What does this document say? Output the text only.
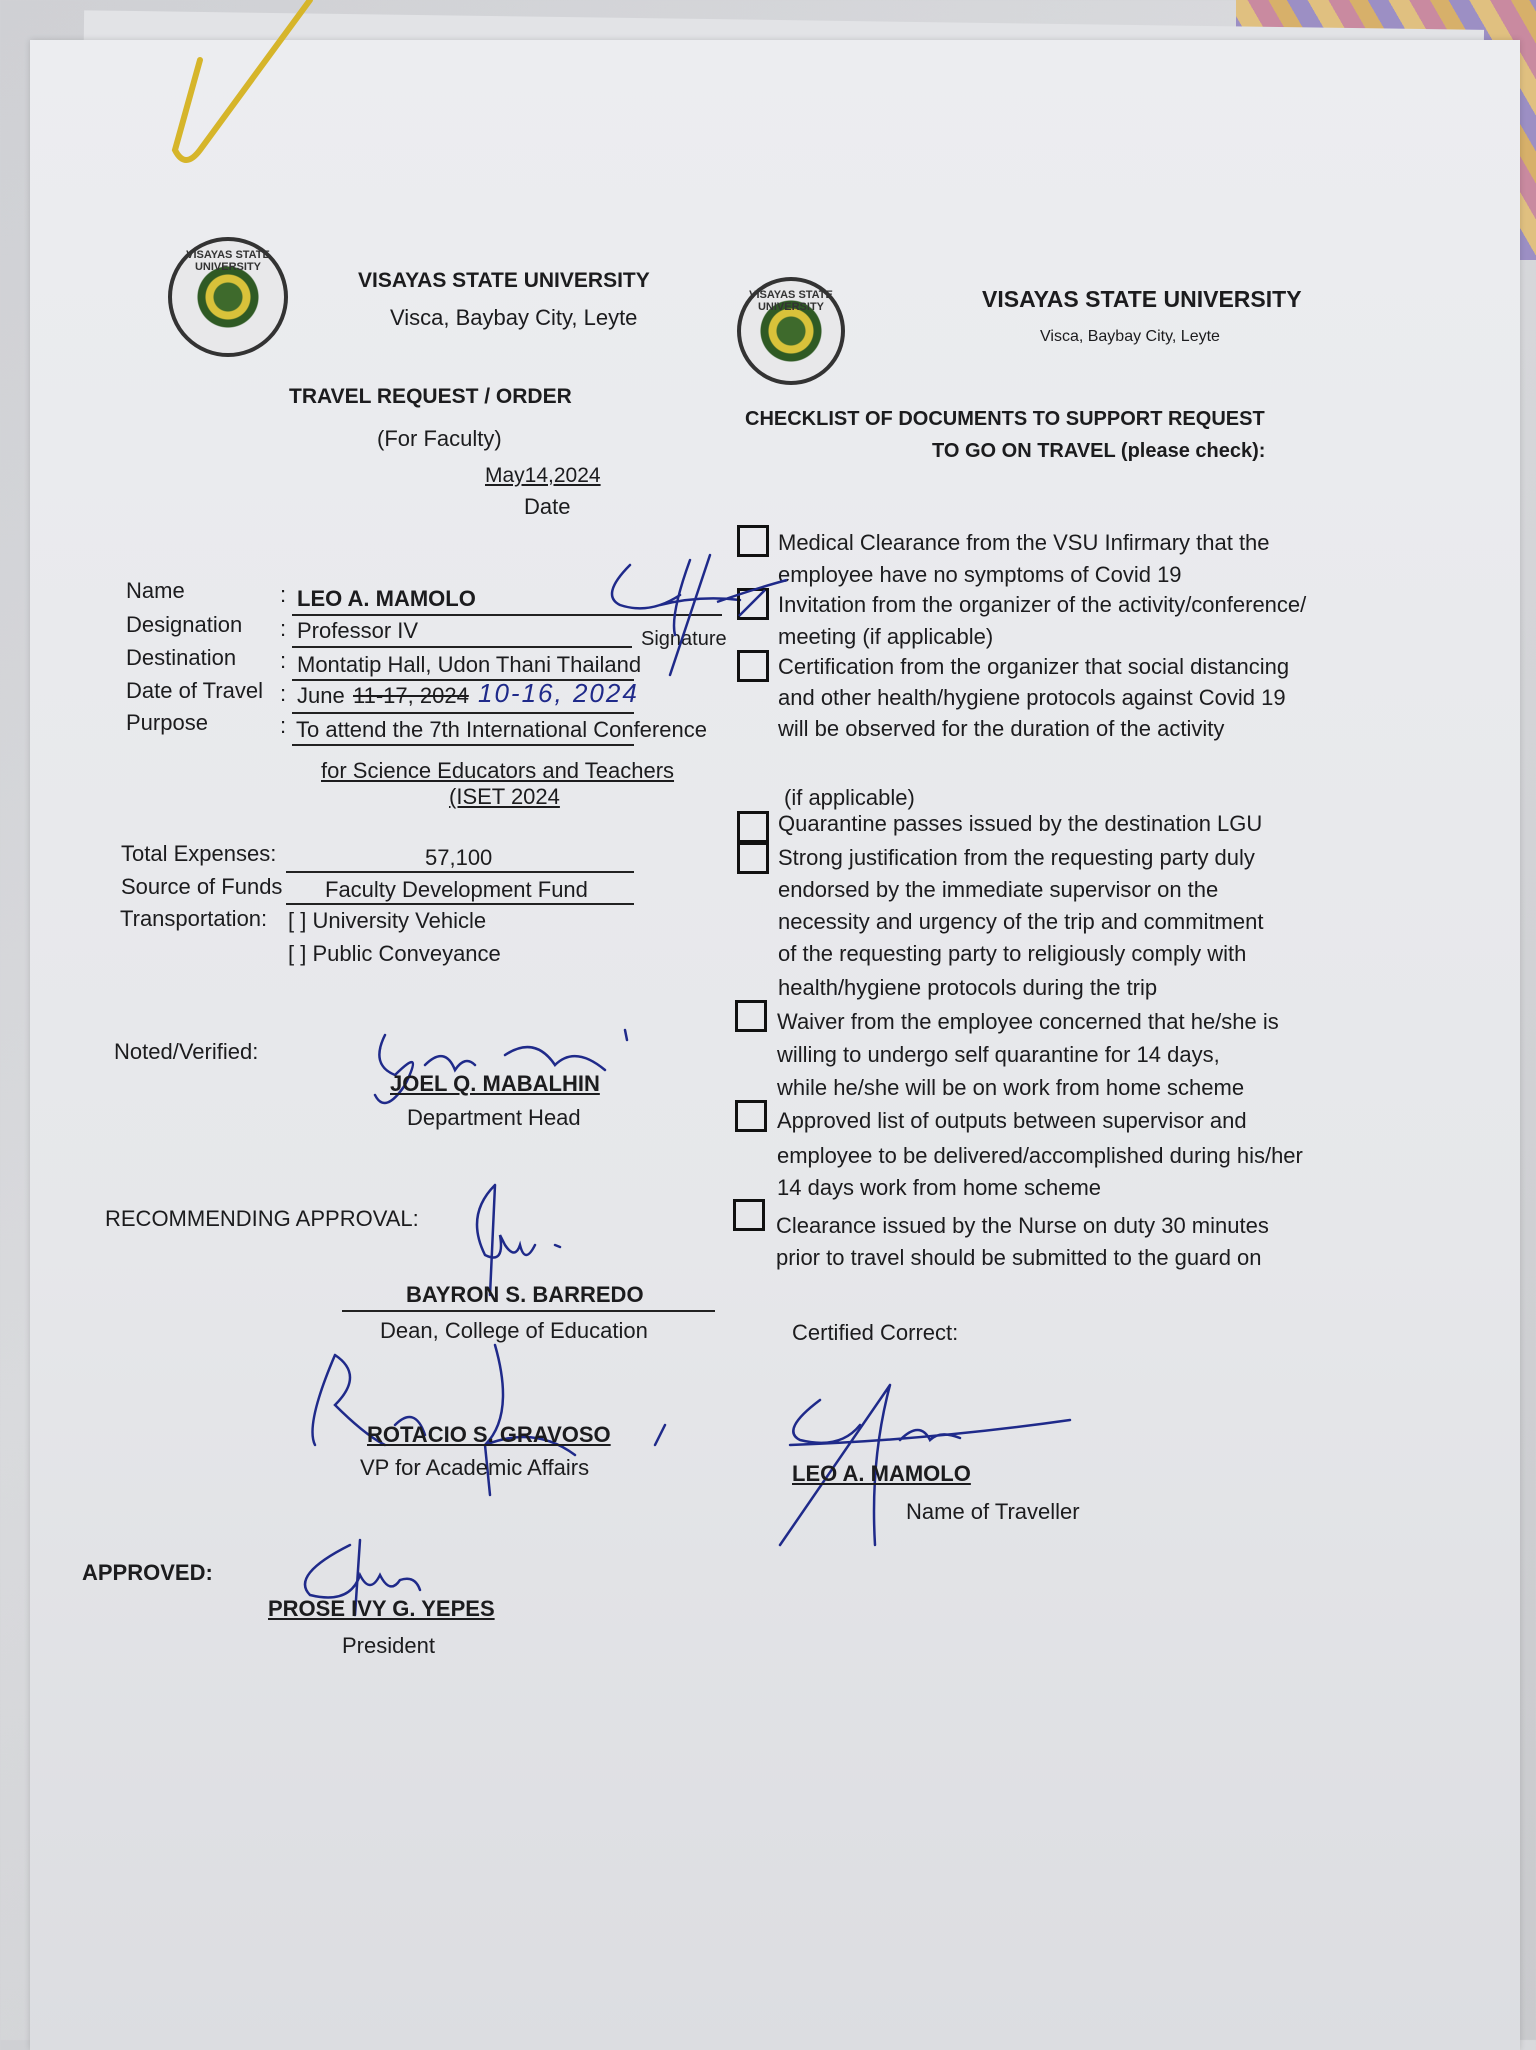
VISAYAS STATE UNIVERSITY
VISAYAS STATE UNIVERSITY
Visca, Baybay City, Leyte
TRAVEL REQUEST / ORDER
(For Faculty)
May14,2024
Date
Name	: LEO A. MAMOLO
Designation : Professor IV	Signature
Destination : Montatip Hall, Udon Thani Thailand
Date of Travel : June 11-17, 2024 10-16, 2024
Purpose	: To attend the 7th International Conference
for Science Educators and Teachers
(ISET 2024
Total Expenses:	57,100
Source of Funds Faculty Development Fund
Transportation: [ ] University Vehicle
[ ] Public Conveyance
Noted/Verified:
JOEL Q. MABALHIN
Department Head
RECOMMENDING APPROVAL:
BAYRON S. BARREDO
Dean, College of Education
ROTACIO S. GRAVOSO
VP for Academic Affairs
APPROVED:
PROSE IVY G. YEPES
President
VISAYAS STATE UNIVERSITY	VISAYAS STATE UNIVERSITY
Visca, Baybay City, Leyte
CHECKLIST OF DOCUMENTS TO SUPPORT REQUEST
TO GO ON TRAVEL (please check):
Medical Clearance from the VSU Infirmary that the
employee have no symptoms of Covid 19
Invitation from the organizer of the activity/conference/
meeting (if applicable)
Certification from the organizer that social distancing
and other health/hygiene protocols against Covid 19
will be observed for the duration of the activity
(if applicable)
Quarantine passes issued by the destination LGU
Strong justification from the requesting party duly
endorsed by the immediate supervisor on the
necessity and urgency of the trip and commitment
of the requesting party to religiously comply with
health/hygiene protocols during the trip
Waiver from the employee concerned that he/she is
willing to undergo self quarantine for 14 days,
while he/she will be on work from home scheme
Approved list of outputs between supervisor and
employee to be delivered/accomplished during his/her
14 days work from home scheme
Clearance issued by the Nurse on duty 30 minutes
prior to travel should be submitted to the guard on
Certified Correct:
LEO A. MAMOLO
Name of Traveller
